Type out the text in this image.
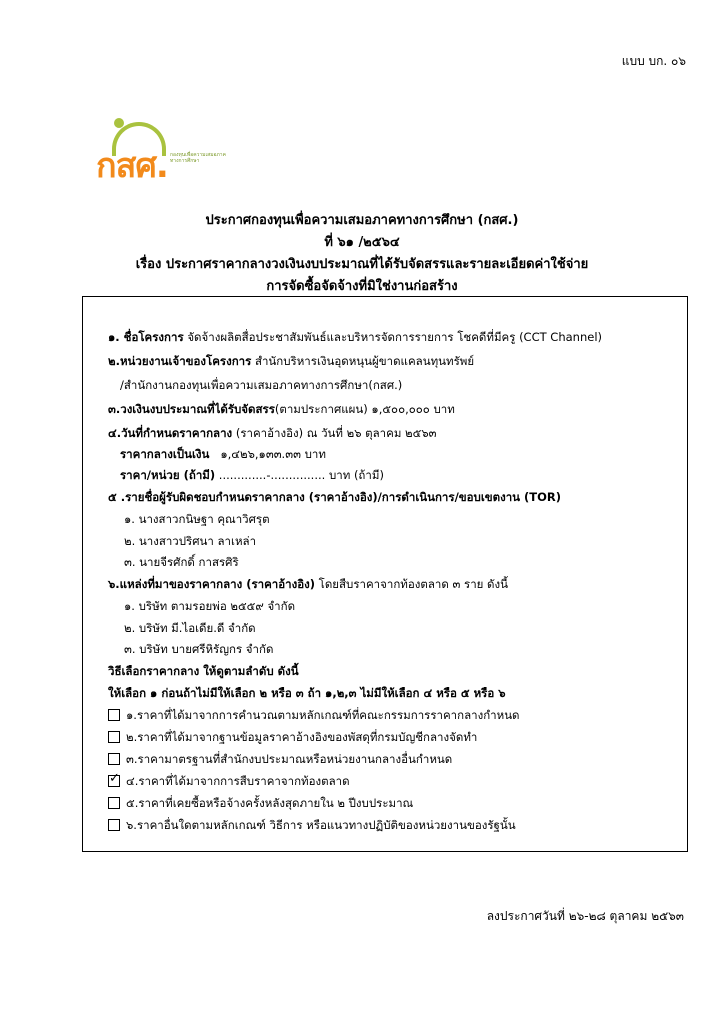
แบบ บก. ๐๖
กสศ. กองทุนเพื่อความเสมอภาคทางการศึกษา
ประกาศกองทุนเพื่อความเสมอภาคทางการศึกษา (กสศ.)
ที่ ๖๑ /๒๕๖๔
เรื่อง ประกาศราคากลางวงเงินงบประมาณที่ได้รับจัดสรรและรายละเอียดค่าใช้จ่าย
การจัดซื้อจัดจ้างที่มิใช่งานก่อสร้าง
๑. ชื่อโครงการ จัดจ้างผลิตสื่อประชาสัมพันธ์และบริหารจัดการรายการ โชคดีที่มีครู (CCT Channel)
๒.หน่วยงานเจ้าของโครงการ สำนักบริหารเงินอุดหนุนผู้ขาดแคลนทุนทรัพย์
/สำนักงานกองทุนเพื่อความเสมอภาคทางการศึกษา(กสศ.)
๓.วงเงินงบประมาณที่ได้รับจัดสรร(ตามประกาศแผน) ๑,๕๐๐,๐๐๐ บาท
๔.วันที่กำหนดราคากลาง (ราคาอ้างอิง) ณ วันที่ ๒๖ ตุลาคม ๒๕๖๓
ราคากลางเป็นเงิน ๑,๔๒๖,๑๓๓.๓๓ บาท
ราคา/หน่วย (ถ้ามี) .............-............... บาท (ถ้ามี)
๕ .รายชื่อผู้รับผิดชอบกำหนดราคากลาง (ราคาอ้างอิง)/การดำเนินการ/ขอบเขตงาน (TOR)
๑. นางสาวกนิษฐา คุณาวิศรุต
๒. นางสาวปริศนา ลาเหล่า
๓. นายจีรศักดิ์ กาสรศิริ
๖.แหล่งที่มาของราคากลาง (ราคาอ้างอิง) โดยสืบราคาจากท้องตลาด ๓ ราย ดังนี้
๑. บริษัท ตามรอยพ่อ ๒๕๕๙ จำกัด
๒. บริษัท มี.ไอเดีย.ดี จำกัด
๓. บริษัท บายศรีหิรัญกร จำกัด
วิธีเลือกราคากลาง ให้ดูตามลำดับ ดังนี้
ให้เลือก ๑ ก่อนถ้าไม่มีให้เลือก ๒ หรือ ๓ ถ้า ๑,๒,๓ ไม่มีให้เลือก ๔ หรือ ๕ หรือ ๖
๑.ราคาที่ได้มาจากการคำนวณตามหลักเกณฑ์ที่คณะกรรมการราคากลางกำหนด
๒.ราคาที่ได้มาจากฐานข้อมูลราคาอ้างอิงของพัสดุที่กรมบัญชีกลางจัดทำ
๓.ราคามาตรฐานที่สำนักงบประมาณหรือหน่วยงานกลางอื่นกำหนด
✓๔.ราคาที่ได้มาจากการสืบราคาจากท้องตลาด
๕.ราคาที่เคยซื้อหรือจ้างครั้งหลังสุดภายใน ๒ ปีงบประมาณ
๖.ราคาอื่นใดตามหลักเกณฑ์ วิธีการ หรือแนวทางปฏิบัติของหน่วยงานของรัฐนั้น
ลงประกาศวันที่ ๒๖-๒๘ ตุลาคม ๒๕๖๓
